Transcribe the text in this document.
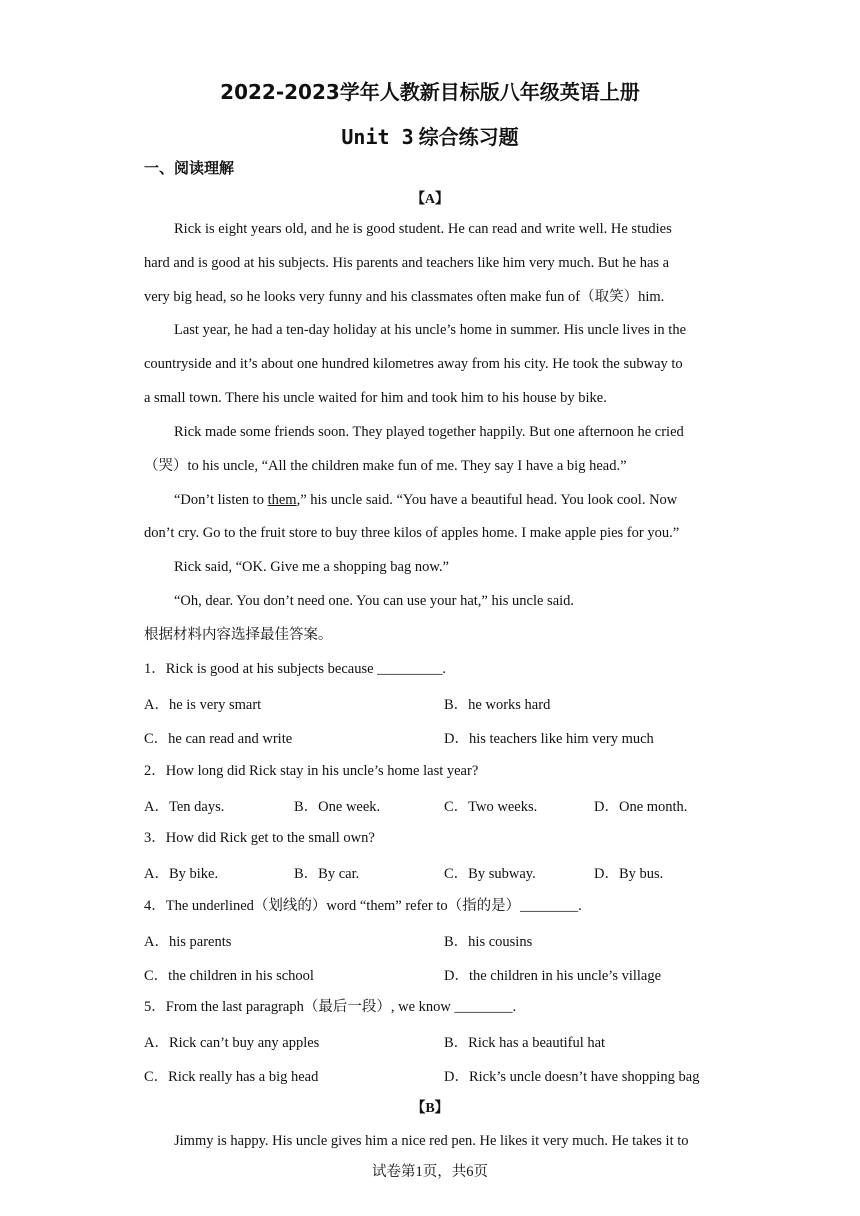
2022-2023学年人教新目标版八年级英语上册
Unit 3 综合练习题
一、阅读理解
【A】
Rick is eight years old, and he is good student. He can read and write well. He studies
hard and is good at his subjects. His parents and teachers like him very much. But he has a
very big head, so he looks very funny and his classmates often make fun of（取笑）him.
Last year, he had a ten-day holiday at his uncle’s home in summer. His uncle lives in the
countryside and it’s about one hundred kilometres away from his city. He took the subway to
a small town. There his uncle waited for him and took him to his house by bike.
Rick made some friends soon. They played together happily. But one afternoon he cried
（哭）to his uncle, “All the children make fun of me. They say I have a big head.”
“Don’t listen to them,” his uncle said. “You have a beautiful head. You look cool. Now
don’t cry. Go to the fruit store to buy three kilos of apples home. I make apple pies for you.”
Rick said, “OK. Give me a shopping bag now.”
“Oh, dear. You don’t need one. You can use your hat,” his uncle said.
根据材料内容选择最佳答案。
1．Rick is good at his subjects because _________.
A．he is very smart	B．he works hard
C．he can read and write	D．his teachers like him very much
2．How long did Rick stay in his uncle’s home last year?
A．Ten days.	B．One week.	C．Two weeks.	D．One month.
3．How did Rick get to the small own?
A．By bike.	B．By car.	C．By subway.	D．By bus.
4．The underlined（划线的）word “them” refer to（指的是）________.
A．his parents	B．his cousins
C．the children in his school	D．the children in his uncle’s village
5．From the last paragraph（最后一段）, we know ________.
A．Rick can’t buy any apples	B．Rick has a beautiful hat
C．Rick really has a big head	D．Rick’s uncle doesn’t have shopping bag
【B】
Jimmy is happy. His uncle gives him a nice red pen. He likes it very much. He takes it to
试卷第1页，共6页
